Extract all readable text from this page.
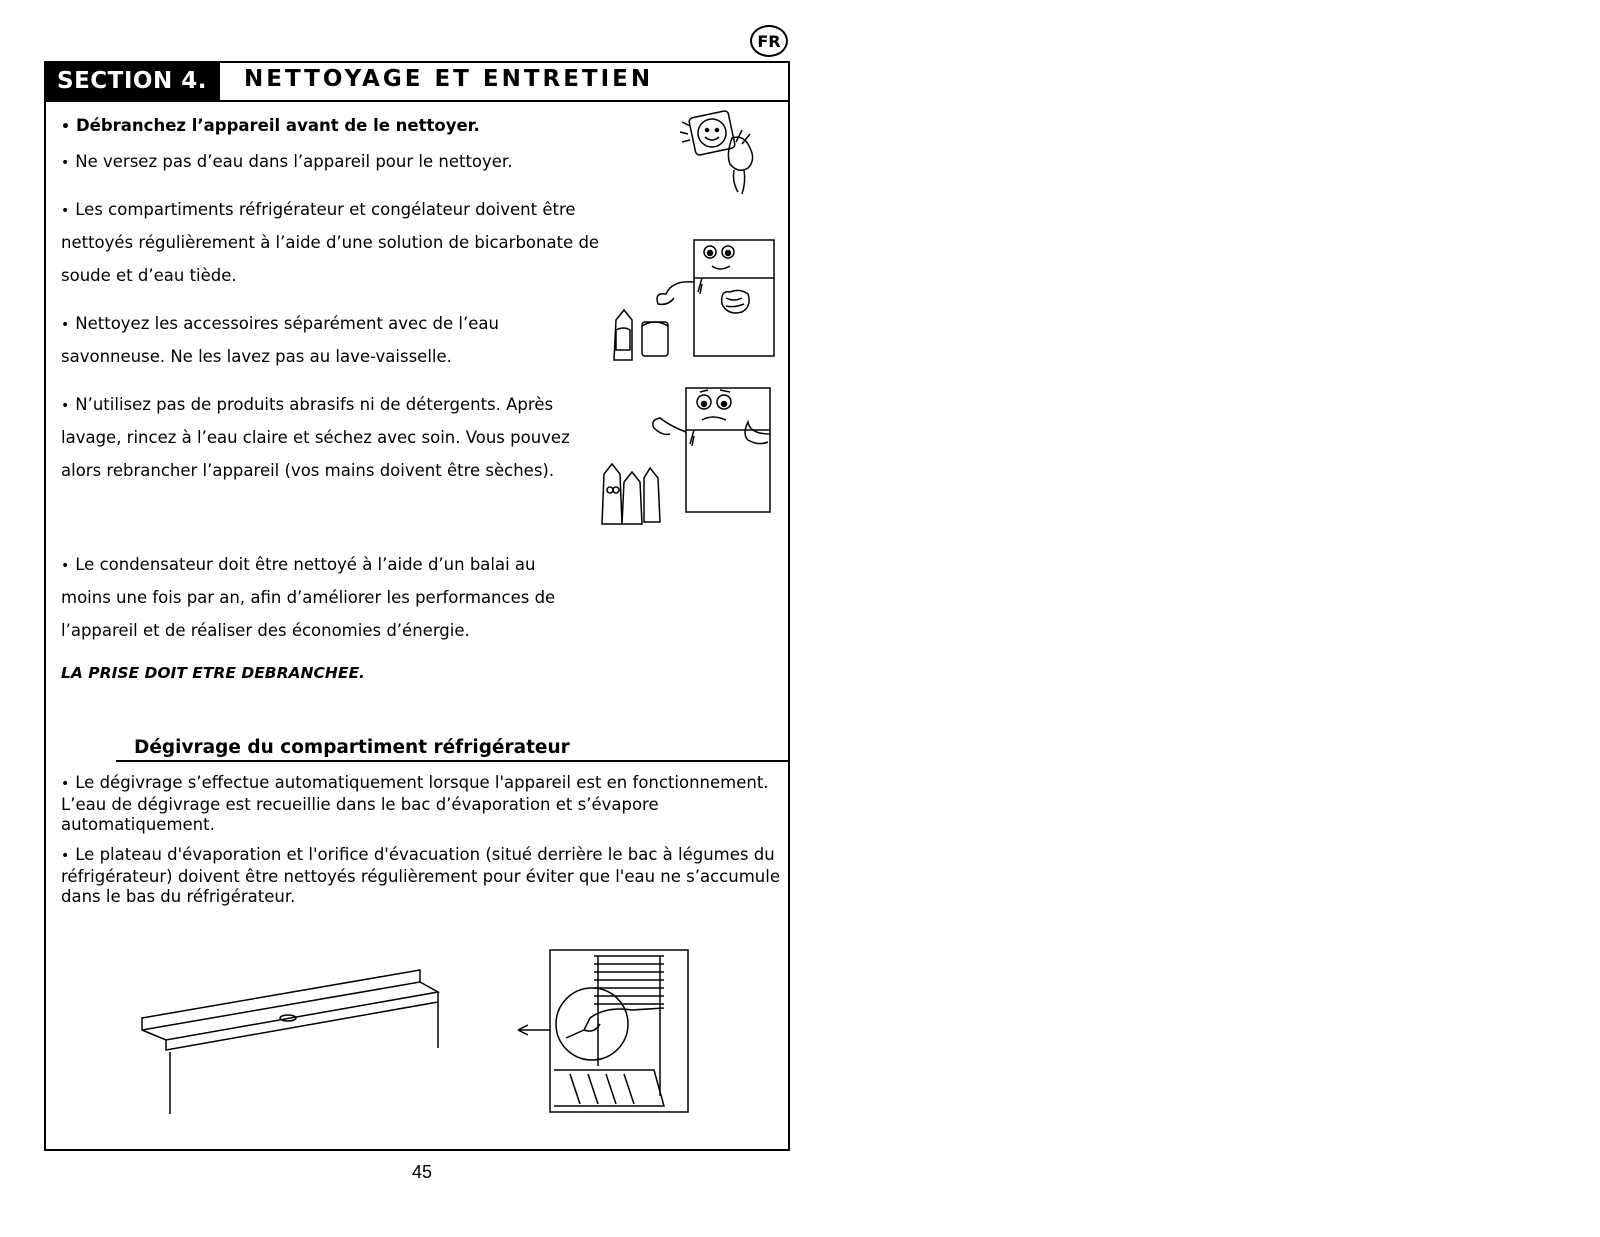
FR
SECTION 4.	NETTOYAGE ET ENTRETIEN

• Débranchez l’appareil avant de le nettoyer.

• Ne versez pas d’eau dans l’appareil pour le nettoyer.

• Les compartiments réfrigérateur et congélateur doivent être

nettoyés régulièrement à l’aide d’une solution de bicarbonate de

soude et d’eau tiède.

• Nettoyez les accessoires séparément avec de l’eau

savonneuse. Ne les lavez pas au lave-vaisselle.

• N’utilisez pas de produits abrasifs ni de détergents. Après

lavage, rincez à l’eau claire et séchez avec soin. Vous pouvez

alors rebrancher l’appareil (vos mains doivent être sèches).

• Le condensateur doit être nettoyé à l’aide d’un balai au

moins une fois par an, afin d’améliorer les performances de

l’appareil et de réaliser des économies d’énergie.

LA PRISE DOIT ETRE DEBRANCHEE.
Dégivrage du compartiment réfrigérateur

• Le dégivrage s’effectue automatiquement lorsque l'appareil est en fonctionnement. L’eau de dégivrage est recueillie dans le bac d’évaporation et s’évapore automatiquement.

• Le plateau d'évaporation et l'orifice d'évacuation (situé derrière le bac à légumes du réfrigérateur) doivent être nettoyés régulièrement pour éviter que l'eau ne s’accumule dans le bas du réfrigérateur.

45
